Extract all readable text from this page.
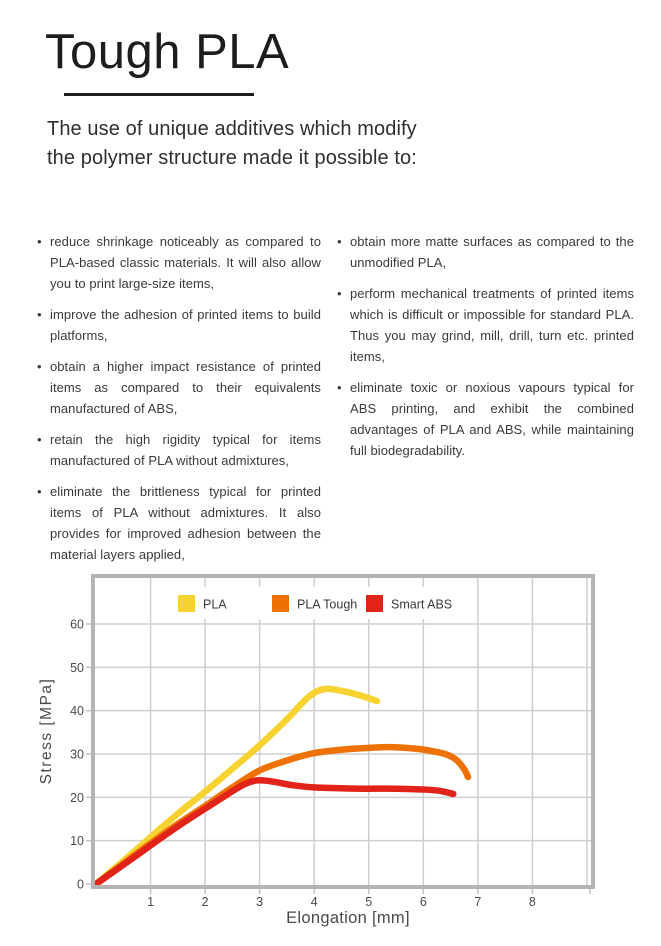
Tough PLA
The use of unique additives which modify
the polymer structure made it possible to:
• reduce shrinkage noticeably as compared to PLA-based classic materials. It will also allow you to print large-size items,
• improve the adhesion of printed items to build platforms,
• obtain a higher impact resistance of printed items as compared to their equivalents manufactured of ABS,
• retain the high rigidity typical for items manufactured of PLA without admixtures,
• eliminate the brittleness typical for printed items of PLA without admixtures. It also provides for improved adhesion between the material layers applied,
• obtain more matte surfaces as compared to the unmodified PLA,
• perform mechanical treatments of printed items which is difficult or impossible for standard PLA. Thus you may grind, mill, drill, turn etc. printed items,
• eliminate toxic or noxious vapours typical for ABS printing, and exhibit the combined advantages of PLA and ABS, while maintaining full biodegradability.
PLA	PLA Tough	Smart ABS
0
10
20
30
40
50
60
1	2	3	4	5	6	7	8
Stress [MPa]
Elongation [mm]
